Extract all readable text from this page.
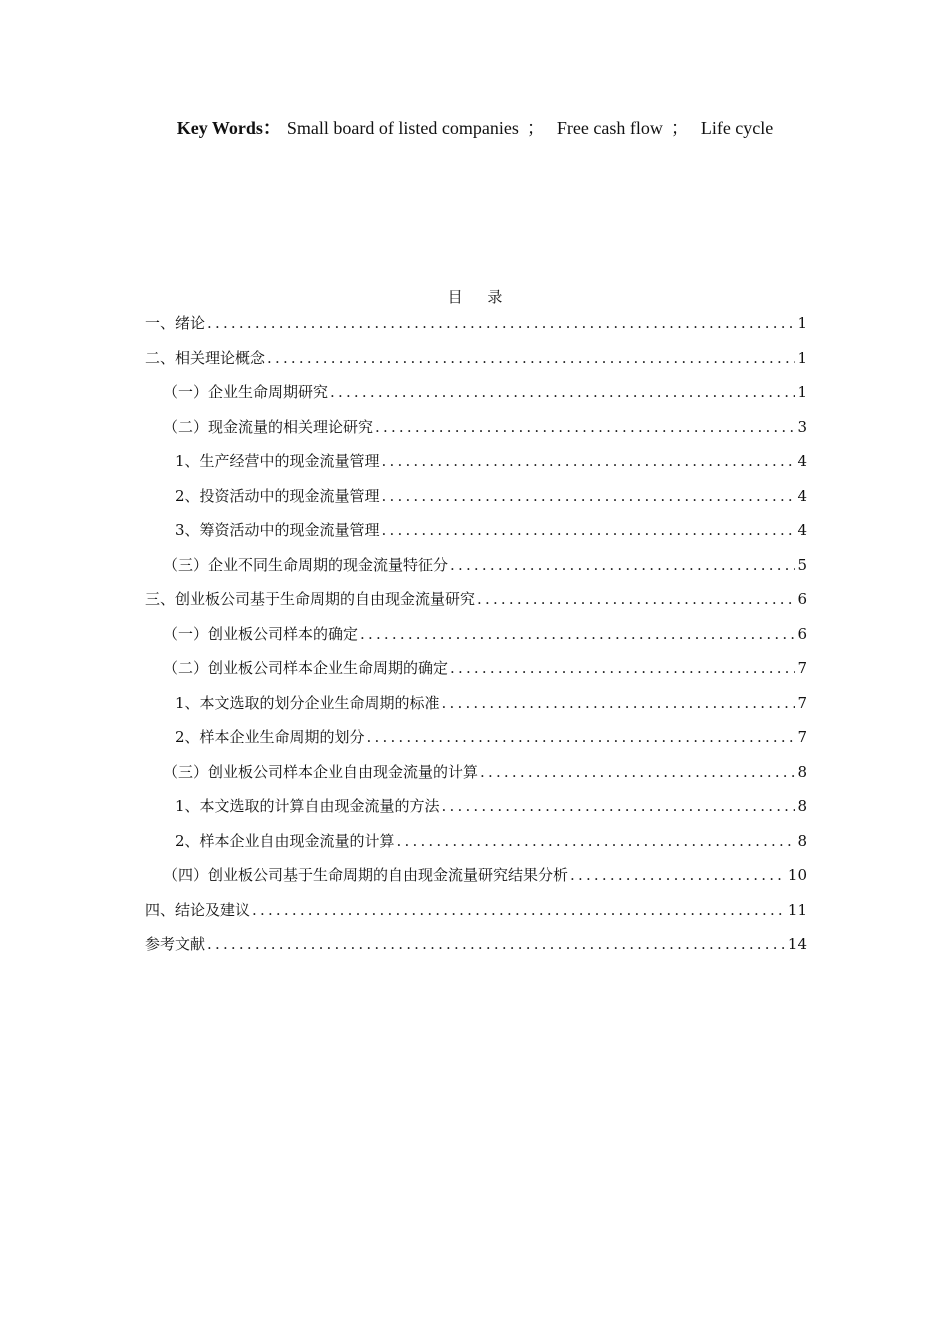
Key Words： Small board of listed companies ； Free cash flow ； Life cycle
目 录
一、绪论 .....	1
二、相关理论概念 .....	1
（一）企业生命周期研究 .....	1
（二）现金流量的相关理论研究 .....	3
1、生产经营中的现金流量管理 .....	4
2、投资活动中的现金流量管理 .....	4
3、筹资活动中的现金流量管理 .....	4
（三）企业不同生命周期的现金流量特征分 .....	5
三、创业板公司基于生命周期的自由现金流量研究 .....	6
（一）创业板公司样本的确定 .....	6
（二）创业板公司样本企业生命周期的确定 .....	7
1、本文选取的划分企业生命周期的标准 .....	7
2、样本企业生命周期的划分 .....	7
（三）创业板公司样本企业自由现金流量的计算 .....	8
1、本文选取的计算自由现金流量的方法 .....	8
2、样本企业自由现金流量的计算 .....	8
（四）创业板公司基于生命周期的自由现金流量研究结果分析 .....	10
四、结论及建议 .....	11
参考文献 .....	14
